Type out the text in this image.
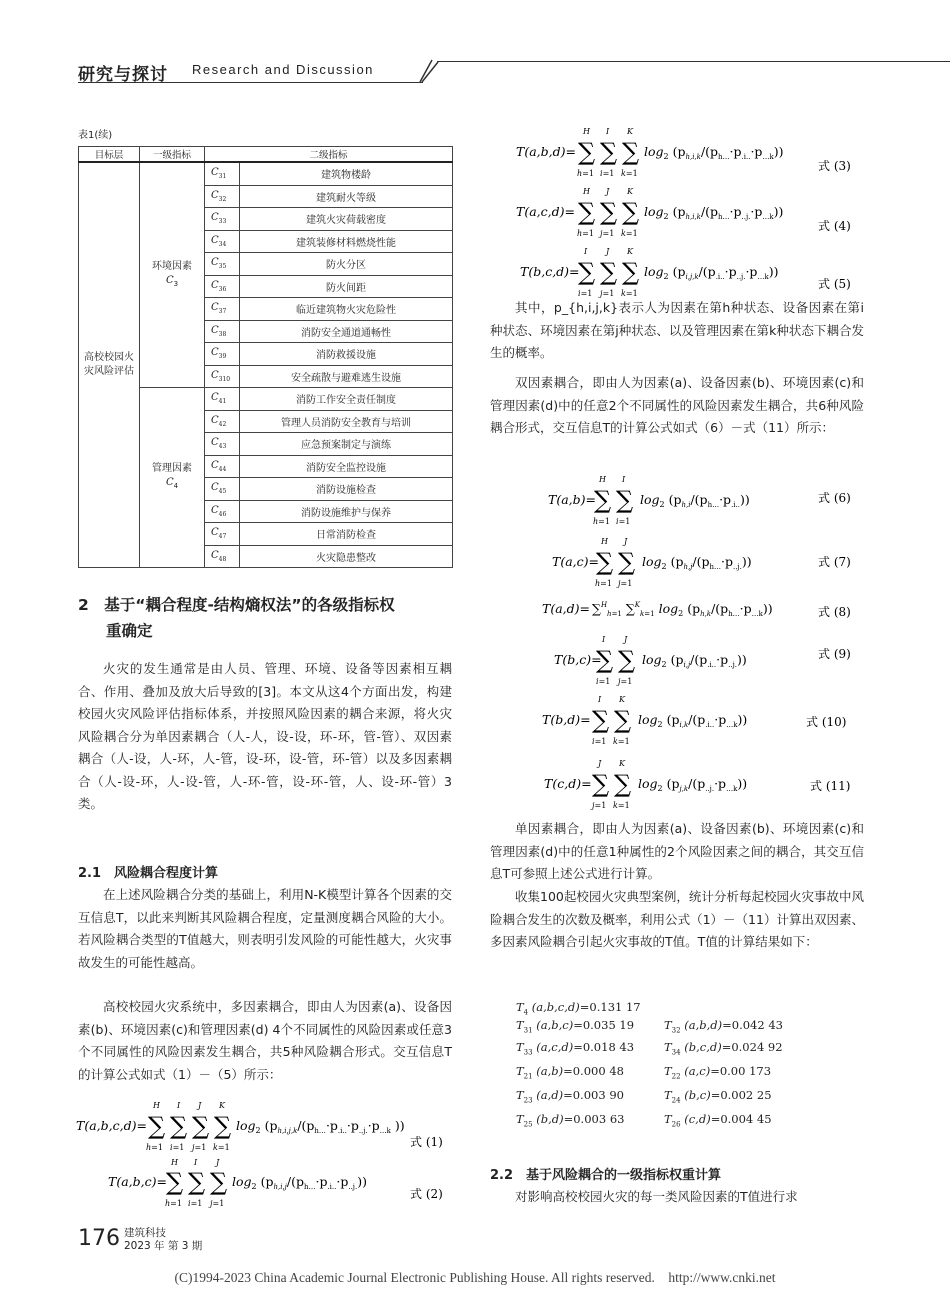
研究与探讨 Research and Discussion
表1(续)
目标层	一级指标	二级指标	
高校校园火灾风险评估	环境因素
$C_3$	$C_{31}$	建筑物楼龄
		$C_{32}$	建筑耐火等级
		$C_{33}$	建筑火灾荷载密度
		$C_{34}$	建筑装修材料燃烧性能
		$C_{35}$	防火分区
		$C_{36}$	防火间距
		$C_{37}$	临近建筑物火灾危险性
		$C_{38}$	消防安全通道通畅性
		$C_{39}$	消防救援设施
		$C_{310}$	安全疏散与避难逃生设施
	管理因素
$C_4$	$C_{41}$	消防工作安全责任制度
		$C_{42}$	管理人员消防安全教育与培训
		$C_{43}$	应急预案制定与演练
		$C_{44}$	消防安全监控设施
		$C_{45}$	消防设施检查
		$C_{46}$	消防设施维护与保养
		$C_{47}$	日常消防检查
		$C_{48}$	火灾隐患整改
2　基于“耦合程度-结构熵权法”的各级指标权
重确定
火灾的发生通常是由人员、管理、环境、设备等因素相互耦合、作用、叠加及放大后导致的[3]。本文从这4个方面出发，构建校园火灾风险评估指标体系，并按照风险因素的耦合来源，将火灾风险耦合分为单因素耦合（人-人，设-设，环-环，管-管）、双因素耦合（人-设，人-环，人-管，设-环，设-管，环-管）以及多因素耦合（人-设-环，人-设-管，人-环-管，设-环-管，人、设-环-管）3类。
2.1　风险耦合程度计算
在上述风险耦合分类的基础上，利用N-K模型计算各个因素的交互信息T，以此来判断其风险耦合程度，定量测度耦合风险的大小。若风险耦合类型的T值越大，则表明引发风险的可能性越大，火灾事故发生的可能性越高。
高校校园火灾系统中，多因素耦合，即由人为因素(a)、设备因素(b)、环境因素(c)和管理因素(d) 4个不同属性的风险因素或任意3个不同属性的风险因素发生耦合，共5种风险耦合形式。交互信息T的计算公式如式（1）－（5）所示：
T(a,b,c,d)= ∑
H
h=1
∑
I
i=1
∑
J
j=1
∑
K
k=1
$\log_2 (p_{h,i,j,k}/(p_{h\dots}\cdot p_{.i..}\cdot p_{..j.}\cdot p_{\dots k}$ ))
式 (1)
T(a,b,c)= ∑
H
h=1
∑
I
i=1
∑
J
j=1
$\log_2 (p_{h,i,j}/(p_{h\dots}\cdot p_{.i..}\cdot p_{..j.}))$
式 (2)
T(a,b,d)= ∑
H
h=1
∑
I
i=1
∑
K
k=1
$\log_2 (p_{h,i,k}/(p_{h\dots}\cdot p_{.i..}\cdot p_{\dots k}))$
式 (3)
T(a,c,d)= ∑
H
h=1
∑
J
j=1
∑
K
k=1
$\log_2 (p_{h,i,k}/(p_{h\dots}\cdot p_{..j.}\cdot p_{\dots k}))$
式 (4)
T(b,c,d)=
∑
I
i=1
∑
J
j=1
∑
K
k=1
$\log_2 (p_{i,j,k}/(p_{.i..}\cdot p_{..j.}\cdot p_{\dots k}))$
式 (5)
其中，p_{h,i,j,k}表示人为因素在第h种状态、设备因素在第i种状态、环境因素在第j种状态、以及管理因素在第k种状态下耦合发生的概率。
双因素耦合，即由人为因素(a)、设备因素(b)、环境因素(c)和管理因素(d)中的任意2个不同属性的风险因素发生耦合，共6种风险耦合形式，交互信息T的计算公式如式（6）－式（11）所示：
T(a,b)=
∑
H
h=1
∑
I
i=1
$\log_2 (p_{h,i}/(p_{h\dots}\cdot p_{.i..}))$	式 (6)
T(a,c)=
∑
H
h=1
∑
J
j=1
$\log_2 (p_{h,j}/(p_{h\dots}\cdot p_{..j.}))$	式 (7)
T(a,d)= ∑$^H_{h=1}$ ∑$^K_{k=1}$ $\log_2 (p_{h,k}/(p_{h\dots}\cdot p_{\dots k}))$	式 (8)
T(b,c)=
∑
I
i=1
∑
J
j=1
$\log_2 (p_{i,j}/(p_{.i..}\cdot p_{..j.}))$	式 (9)
T(b,d)= ∑
I
i=1
∑
K
k=1
$\log_2 (p_{i,k}/(p_{.i..}\cdot p_{\dots k}))$	式 (10)
T(c,d)= ∑
J
j=1
∑
K
k=1
$\log_2 (p_{j,k}/(p_{..j.}\cdot p_{\dots k}))$	式 (11)
单因素耦合，即由人为因素(a)、设备因素(b)、环境因素(c)和管理因素(d)中的任意1种属性的2个风险因素之间的耦合，其交互信息T可参照上述公式进行计算。
收集100起校园火灾典型案例，统计分析每起校园火灾事故中风险耦合发生的次数及概率，利用公式（1）－（11）计算出双因素、多因素风险耦合引起火灾事故的T值。T值的计算结果如下：
$T_4$ (a,b,c,d)=0.131 17
$T_{31}$ (a,b,c)=0.035 19	$T_{32}$ (a,b,d)=0.042 43
$T_{33}$ (a,c,d)=0.018 43	$T_{34}$ (b,c,d)=0.024 92
$T_{21}$ (a,b)=0.000 48	$T_{22}$ (a,c)=0.00 173
$T_{23}$ (a,d)=0.003 90	$T_{24}$ (b,c)=0.002 25
$T_{25}$ (b,d)=0.003 63	$T_{26}$ (c,d)=0.004 45
2.2　基于风险耦合的一级指标权重计算
对影响高校校园火灾的每一类风险因素的T值进行求
176 建筑科技
2023 年 第 3 期
(C)1994-2023 China Academic Journal Electronic Publishing House. All rights reserved.　http://www.cnki.net
